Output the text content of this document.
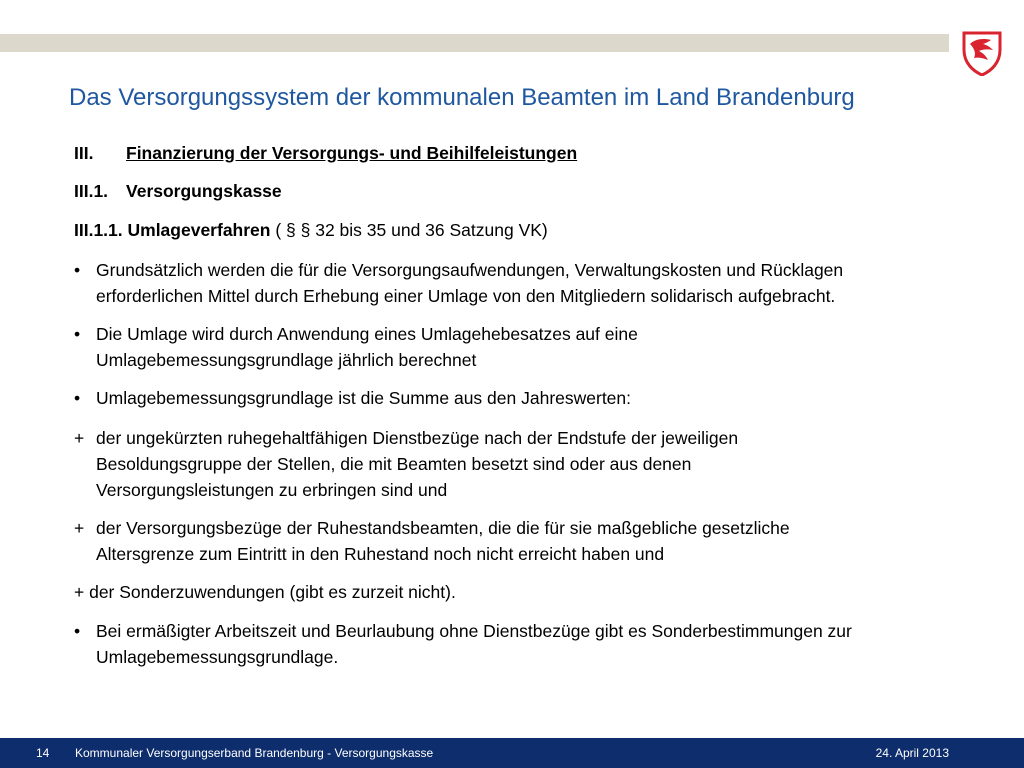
Das Versorgungssystem der kommunalen Beamten im Land Brandenburg
III. Finanzierung der Versorgungs- und Beihilfeleistungen
III.1. Versorgungskasse
III.1.1. Umlageverfahren ( § § 32 bis 35 und 36 Satzung VK)
• Grundsätzlich werden die für die Versorgungsaufwendungen, Verwaltungskosten und Rücklagen
erforderlichen Mittel durch Erhebung einer Umlage von den Mitgliedern solidarisch aufgebracht.
• Die Umlage wird durch Anwendung eines Umlagehebesatzes auf eine
Umlagebemessungsgrundlage jährlich berechnet
• Umlagebemessungsgrundlage ist die Summe aus den Jahreswerten:
+ der ungekürzten ruhegehaltfähigen Dienstbezüge nach der Endstufe der jeweiligen
Besoldungsgruppe der Stellen, die mit Beamten besetzt sind oder aus denen
Versorgungsleistungen zu erbringen sind und
+ der Versorgungsbezüge der Ruhestandsbeamten, die die für sie maßgebliche gesetzliche
Altersgrenze zum Eintritt in den Ruhestand noch nicht erreicht haben und
+ der Sonderzuwendungen (gibt es zurzeit nicht).
• Bei ermäßigter Arbeitszeit und Beurlaubung ohne Dienstbezüge gibt es Sonderbestimmungen zur
Umlagebemessungsgrundlage.
14 Kommunaler Versorgungserband Brandenburg - Versorgungskasse	24. April 2013
